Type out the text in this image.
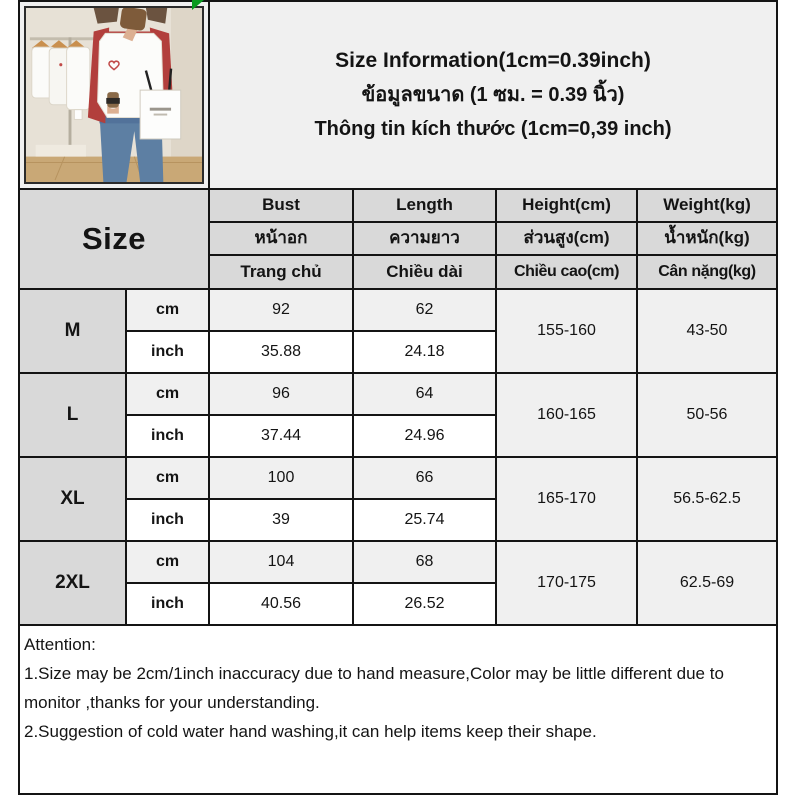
Size Information(1cm=0.39inch)
ข้อมูลขนาด (1 ซม. = 0.39 นิ้ว)
Thông tin kích thước (1cm=0,39 inch)
Size
Bust	Length	Height(cm)	Weight(kg)
หน้าอก	ความยาว	ส่วนสูง(cm)	น้ำหนัก(kg)
Trang chủ	Chiều dài	Chiều cao(cm)	Cân nặng(kg)
M
cm	92	62
155-160	43-50
inch	35.88	24.18
L
cm	96	64
160-165	50-56
inch	37.44	24.96
XL
cm	100	66
165-170	56.5-62.5
inch	39	25.74
2XL
cm	104	68
170-175	62.5-69
inch	40.56	26.52
Attention:
1.Size may be 2cm/1inch inaccuracy due to hand measure,Color may be little different due to monitor ,thanks for your understanding.
2.Suggestion of cold water hand washing,it can help items keep their shape.
